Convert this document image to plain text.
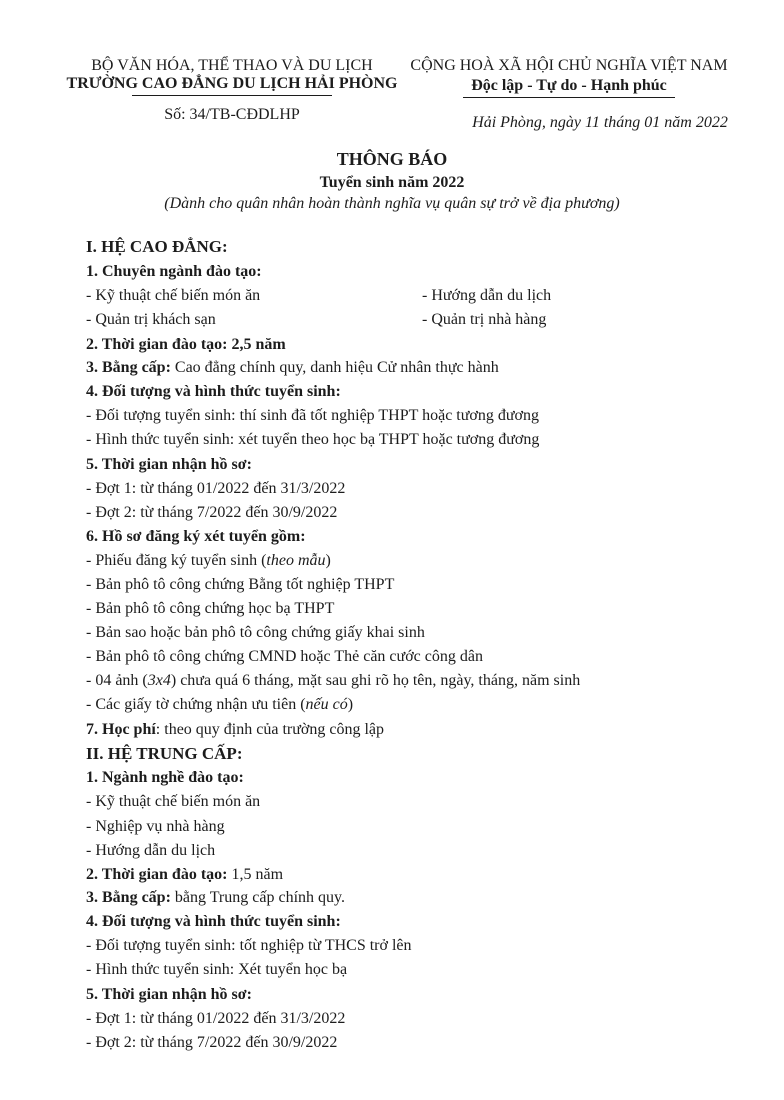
BỘ VĂN HÓA, THỂ THAO VÀ DU LỊCH
TRƯỜNG CAO ĐẲNG DU LỊCH HẢI PHÒNG
Số: 34/TB-CĐDLHP
CỘNG HOÀ XÃ HỘI CHỦ NGHĨA VIỆT NAM
Độc lập - Tự do - Hạnh phúc
Hải Phòng, ngày 11 tháng 01 năm 2022
THÔNG BÁO
Tuyển sinh năm 2022
(Dành cho quân nhân hoàn thành nghĩa vụ quân sự trở về địa phương)
I. HỆ CAO ĐẲNG:
1. Chuyên ngành đào tạo:
- Kỹ thuật chế biến món ăn
- Quản trị khách sạn
- Hướng dẫn du lịch
- Quản trị nhà hàng
2. Thời gian đào tạo: 2,5 năm
3. Bằng cấp: Cao đẳng chính quy, danh hiệu Cử nhân thực hành
4. Đối tượng và hình thức tuyển sinh:
- Đối tượng tuyển sinh: thí sinh đã tốt nghiệp THPT hoặc tương đương
- Hình thức tuyển sinh: xét tuyển theo học bạ THPT hoặc tương đương
5. Thời gian nhận hồ sơ:
- Đợt 1: từ tháng 01/2022 đến 31/3/2022
- Đợt 2: từ tháng 7/2022 đến 30/9/2022
6. Hồ sơ đăng ký xét tuyển gồm:
- Phiếu đăng ký tuyển sinh (theo mẫu)
- Bản phô tô công chứng Bằng tốt nghiệp THPT
- Bản phô tô công chứng học bạ THPT
- Bản sao hoặc bản phô tô công chứng giấy khai sinh
- Bản phô tô công chứng CMND hoặc Thẻ căn cước công dân
- 04 ảnh (3x4) chưa quá 6 tháng, mặt sau ghi rõ họ tên, ngày, tháng, năm sinh
- Các giấy tờ chứng nhận ưu tiên (nếu có)
7. Học phí: theo quy định của trường công lập
II. HỆ TRUNG CẤP:
1. Ngành nghề đào tạo:
- Kỹ thuật chế biến món ăn
- Nghiệp vụ nhà hàng
- Hướng dẫn du lịch
2. Thời gian đào tạo: 1,5 năm
3. Bằng cấp: bằng Trung cấp chính quy.
4. Đối tượng và hình thức tuyển sinh:
- Đối tượng tuyển sinh: tốt nghiệp từ THCS trở lên
- Hình thức tuyển sinh: Xét tuyển học bạ
5. Thời gian nhận hồ sơ:
- Đợt 1: từ tháng 01/2022 đến 31/3/2022
- Đợt 2: từ tháng 7/2022 đến 30/9/2022
